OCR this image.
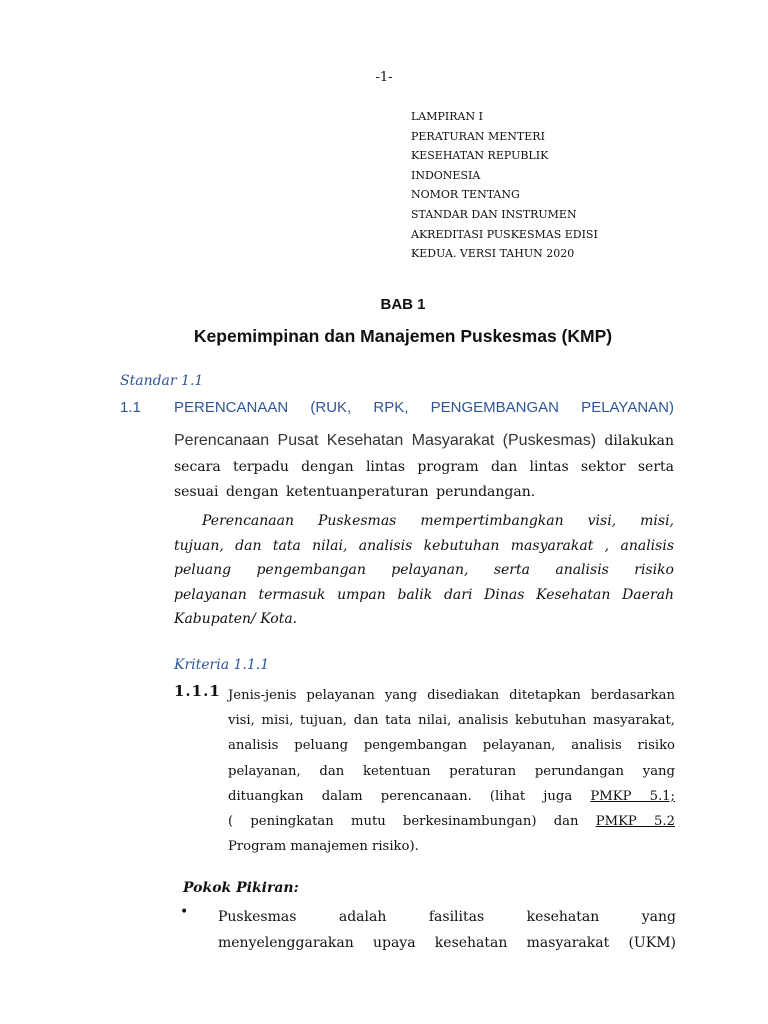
-1-
LAMPIRAN I
PERATURAN MENTERI
KESEHATAN REPUBLIK
INDONESIA
NOMOR TENTANG
STANDAR DAN INSTRUMEN
AKREDITASI PUSKESMAS EDISI
KEDUA. VERSI TAHUN 2020
BAB 1
Kepemimpinan dan Manajemen Puskesmas (KMP)
Standar 1.1
1.1 PERENCANAAN (RUK, RPK, PENGEMBANGAN PELAYANAN)
Perencanaan Pusat Kesehatan Masyarakat (Puskesmas) dilakukan
secara terpadu dengan lintas program dan lintas sektor serta
sesuai dengan ketentuanperaturan perundangan.
Perencanaan Puskesmas mempertimbangkan visi, misi,
tujuan, dan tata nilai, analisis kebutuhan masyarakat , analisis
peluang pengembangan pelayanan, serta analisis risiko
pelayanan termasuk umpan balik dari Dinas Kesehatan Daerah
Kabupaten/ Kota.
Kriteria 1.1.1
1.1.1 Jenis-jenis pelayanan yang disediakan ditetapkan berdasarkan
visi, misi, tujuan, dan tata nilai, analisis kebutuhan masyarakat,
analisis peluang pengembangan pelayanan, analisis risiko
pelayanan, dan ketentuan peraturan perundangan yang
dituangkan dalam perencanaan. (lihat juga PMKP 5.1;
( peningkatan mutu berkesinambungan) dan PMKP 5.2
Program manajemen risiko).
Pokok Pikiran:
• Puskesmas adalah fasilitas kesehatan yang
menyelenggarakan upaya kesehatan masyarakat (UKM)
